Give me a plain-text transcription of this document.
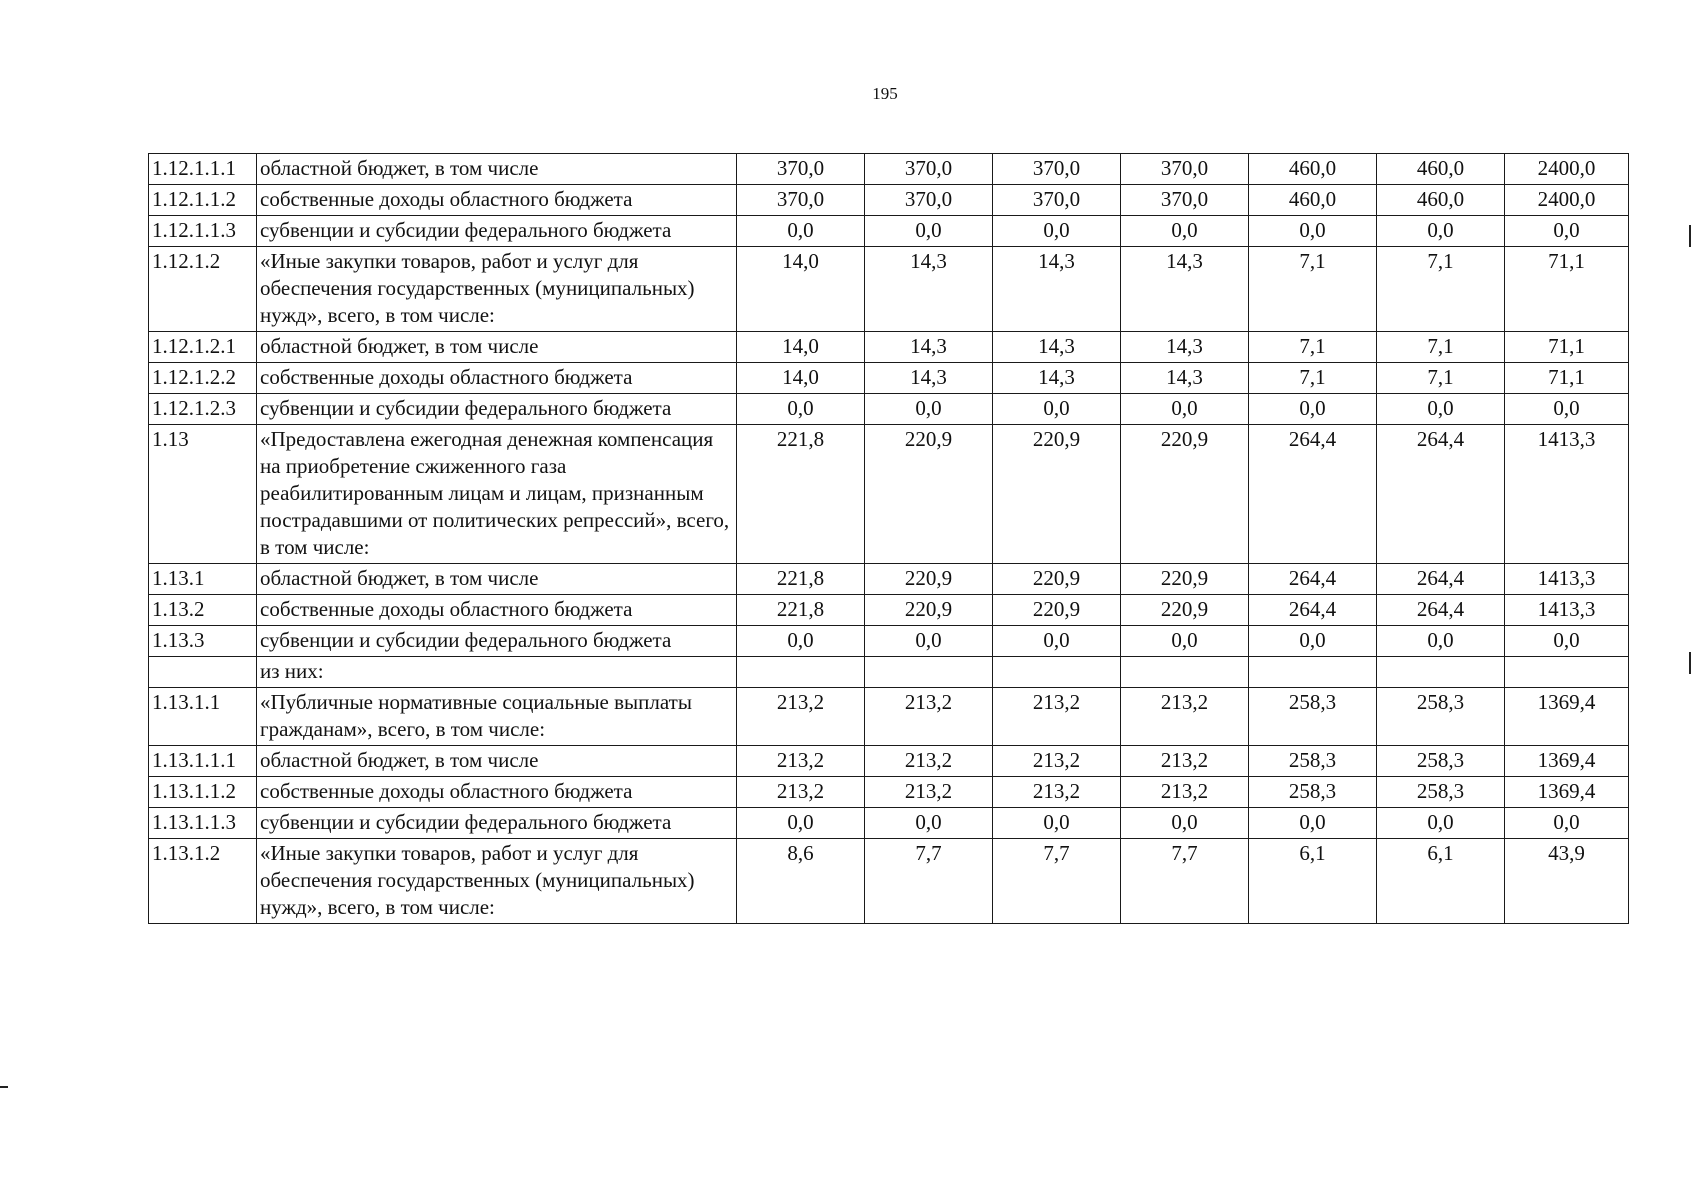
195
1.12.1.1.1	областной бюджет, в том числе	370,0	370,0	370,0	370,0	460,0	460,0	2400,0
1.12.1.1.2	собственные доходы областного бюджета	370,0	370,0	370,0	370,0	460,0	460,0	2400,0
1.12.1.1.3	субвенции и субсидии федерального бюджета	0,0	0,0	0,0	0,0	0,0	0,0	0,0
1.12.1.2	«Иные закупки товаров, работ и услуг для обеспечения государственных (муниципальных) нужд», всего, в том числе:	14,0	14,3	14,3	14,3	7,1	7,1	71,1
1.12.1.2.1	областной бюджет, в том числе	14,0	14,3	14,3	14,3	7,1	7,1	71,1
1.12.1.2.2	собственные доходы областного бюджета	14,0	14,3	14,3	14,3	7,1	7,1	71,1
1.12.1.2.3	субвенции и субсидии федерального бюджета	0,0	0,0	0,0	0,0	0,0	0,0	0,0
1.13	«Предоставлена ежегодная денежная компенсация на приобретение сжиженного газа реабилитированным лицам и лицам, признанным пострадавшими от политических репрессий», всего, в том числе:	221,8	220,9	220,9	220,9	264,4	264,4	1413,3
1.13.1	областной бюджет, в том числе	221,8	220,9	220,9	220,9	264,4	264,4	1413,3
1.13.2	собственные доходы областного бюджета	221,8	220,9	220,9	220,9	264,4	264,4	1413,3
1.13.3	субвенции и субсидии федерального бюджета	0,0	0,0	0,0	0,0	0,0	0,0	0,0
	из них:							
1.13.1.1	«Публичные нормативные социальные выплаты гражданам», всего, в том числе:	213,2	213,2	213,2	213,2	258,3	258,3	1369,4
1.13.1.1.1	областной бюджет, в том числе	213,2	213,2	213,2	213,2	258,3	258,3	1369,4
1.13.1.1.2	собственные доходы областного бюджета	213,2	213,2	213,2	213,2	258,3	258,3	1369,4
1.13.1.1.3	субвенции и субсидии федерального бюджета	0,0	0,0	0,0	0,0	0,0	0,0	0,0
1.13.1.2	«Иные закупки товаров, работ и услуг для обеспечения государственных (муниципальных) нужд», всего, в том числе:	8,6	7,7	7,7	7,7	6,1	6,1	43,9
